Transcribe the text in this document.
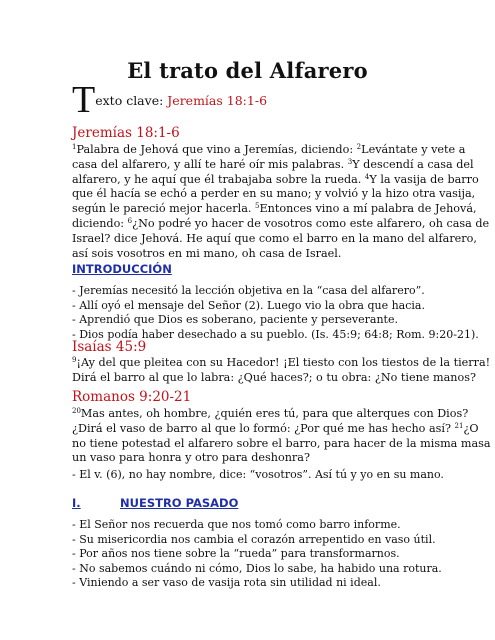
El trato del Alfarero
T exto clave: Jeremías 18:1-6
Jeremías 18:1-6

$^1$Palabra de Jehová que vino a Jeremías, diciendo: $^2$Levántate y vete a

casa del alfarero, y allí te haré oír mis palabras. $^3$Y descendí a casa del

alfarero, y he aquí que él trabajaba sobre la rueda. $^4$Y la vasija de barro

que él hacía se echó a perder en su mano; y volvió y la hizo otra vasija,

según le pareció mejor hacerla. $^5$Entonces vino a mí palabra de Jehová,

diciendo: $^6$¿No podré yo hacer de vosotros como este alfarero, oh casa de

Israel? dice Jehová. He aquí que como el barro en la mano del alfarero,

así sois vosotros en mi mano, oh casa de Israel.

INTRODUCCIÓN
- Jeremías necesitó la lección objetiva en la “casa del alfarero”.
- Allí oyó el mensaje del Señor (2). Luego vio la obra que hacia.
- Aprendió que Dios es soberano, paciente y perseverante.
- Dios podía haber desechado a su pueblo. (Is. 45:9; 64:8; Rom. 9:20-21).
Isaías 45:9

$^9$¡Ay del que pleitea con su Hacedor! ¡El tiesto con los tiestos de la tierra!

Dirá el barro al que lo labra: ¿Qué haces?; o tu obra: ¿No tiene manos?

Romanos 9:20-21

$^{20}$Mas antes, oh hombre, ¿quién eres tú, para que alterques con Dios?

¿Dirá el vaso de barro al que lo formó: ¿Por qué me has hecho así? $^{21}$¿O

no tiene potestad el alfarero sobre el barro, para hacer de la misma masa

un vaso para honra y otro para deshonra?

- El v. (6), no hay nombre, dice: “vosotros”. Así tú y yo en su mano.
I.	NUESTRO PASADO
- El Señor nos recuerda que nos tomó como barro informe.
- Su misericordia nos cambia el corazón arrepentido en vaso útil.
- Por años nos tiene sobre la “rueda” para transformarnos.
- No sabemos cuándo ni cómo, Dios lo sabe, ha habido una rotura.
- Viniendo a ser vaso de vasija rota sin utilidad ni ideal.
